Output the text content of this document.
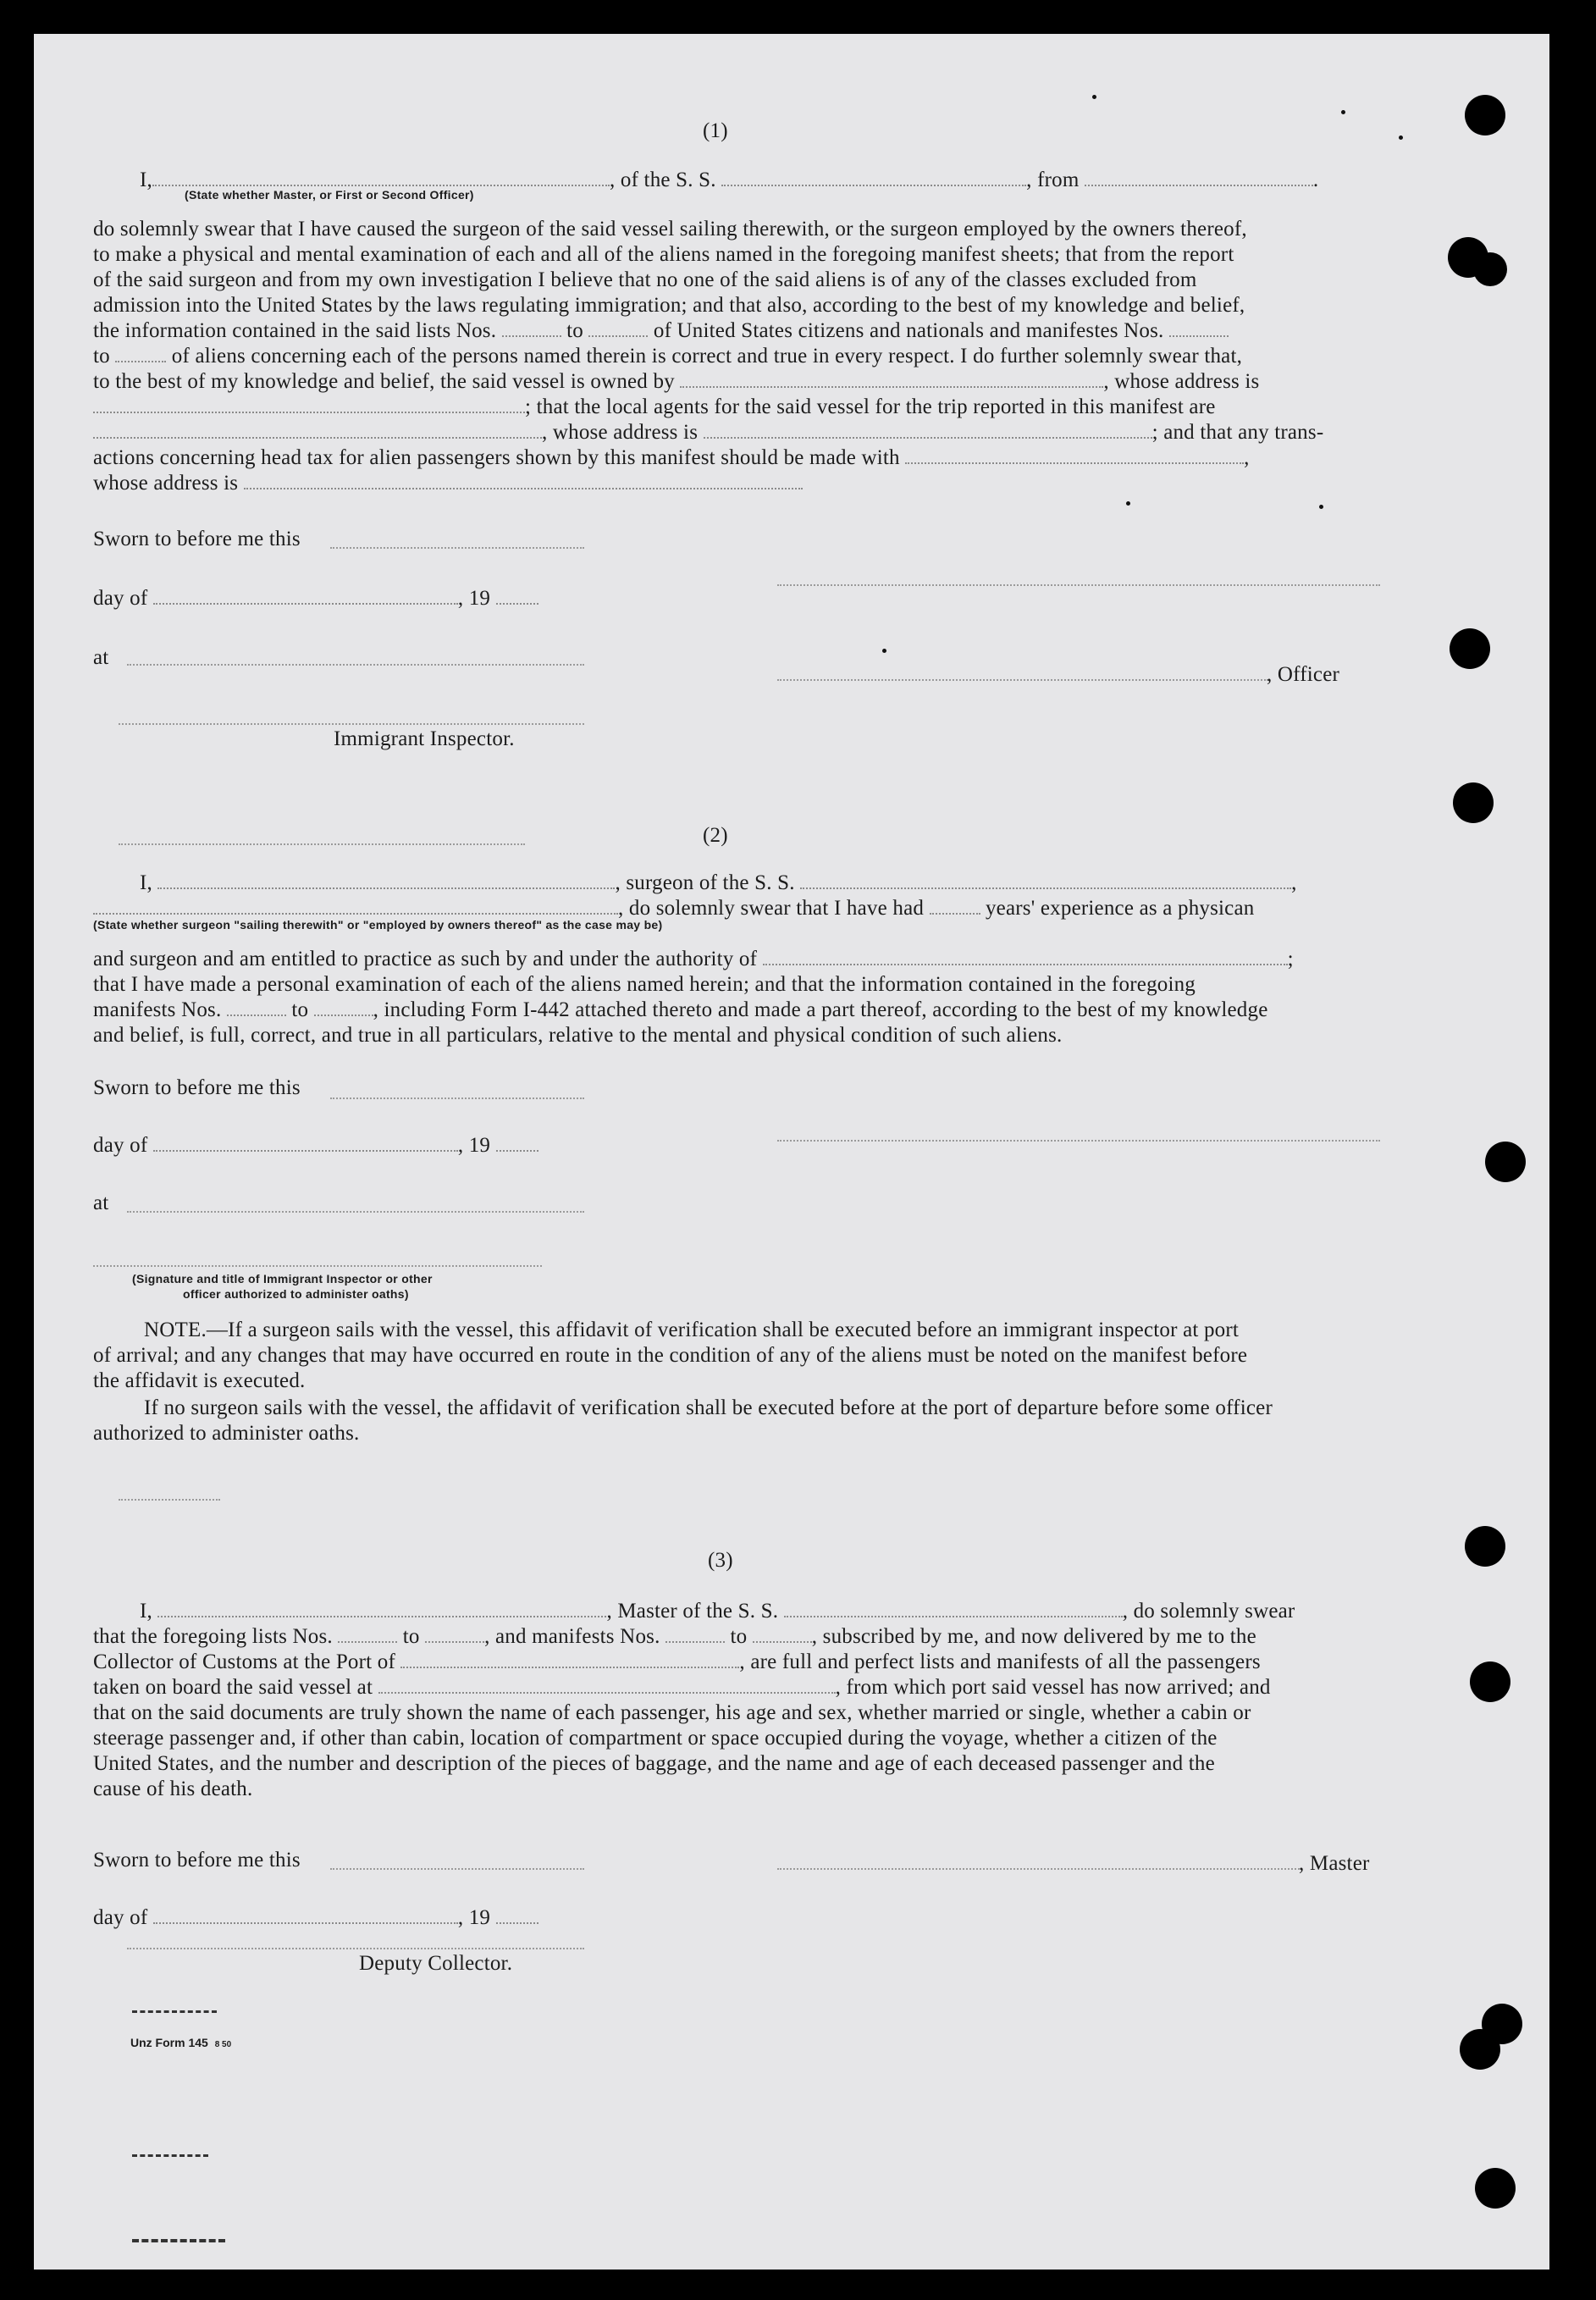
(1)
I,	, of the S. S.	, from	.
(State whether Master, or First or Second Officer)
do solemnly swear that I have caused the surgeon of the said vessel sailing therewith, or the surgeon employed by the owners thereof,
to make a physical and mental examination of each and all of the aliens named in the foregoing manifest sheets; that from the report
of the said surgeon and from my own investigation I believe that no one of the said aliens is of any of the classes excluded from
admission into the United States by the laws regulating immigration; and that also, according to the best of my knowledge and belief,
the information contained in the said lists Nos.	to	of United States citizens and nationals and manifestes Nos.
to	of aliens concerning each of the persons named therein is correct and true in every respect. I do further solemnly swear that,
to the best of my knowledge and belief, the said vessel is owned by	, whose address is
; that the local agents for the said vessel for the trip reported in this manifest are
, whose address is	; and that any trans-
actions concerning head tax for alien passengers shown by this manifest should be made with	,
whose address is
Sworn to before me this
day of	, 19
at
, Officer
Immigrant Inspector.
(2)
I,	, surgeon of the S. S.	,
, do solemnly swear that I have had	years' experience as a physican
(State whether surgeon "sailing therewith" or "employed by owners thereof" as the case may be)
and surgeon and am entitled to practice as such by and under the authority of	;
that I have made a personal examination of each of the aliens named herein; and that the information contained in the foregoing
manifests Nos.	to	, including Form I-442 attached thereto and made a part thereof, according to the best of my knowledge
and belief, is full, correct, and true in all particulars, relative to the mental and physical condition of such aliens.
Sworn to before me this
day of	, 19
at
(Signature and title of Immigrant Inspector or other
officer authorized to administer oaths)
NOTE.—If a surgeon sails with the vessel, this affidavit of verification shall be executed before an immigrant inspector at port
of arrival; and any changes that may have occurred en route in the condition of any of the aliens must be noted on the manifest before
the affidavit is executed.
If no surgeon sails with the vessel, the affidavit of verification shall be executed before at the port of departure before some officer
authorized to administer oaths.
(3)
I,	, Master of the S. S.	, do solemnly swear
that the foregoing lists Nos.	to	, and manifests Nos.	to	, subscribed by me, and now delivered by me to the
Collector of Customs at the Port of	, are full and perfect lists and manifests of all the passengers
taken on board the said vessel at	, from which port said vessel has now arrived; and
that on the said documents are truly shown the name of each passenger, his age and sex, whether married or single, whether a cabin or
steerage passenger and, if other than cabin, location of compartment or space occupied during the voyage, whether a citizen of the
United States, and the number and description of the pieces of baggage, and the name and age of each deceased passenger and the
cause of his death.
Sworn to before me this	, Master
day of	, 19
Deputy Collector.
Unz Form 145 8 50
